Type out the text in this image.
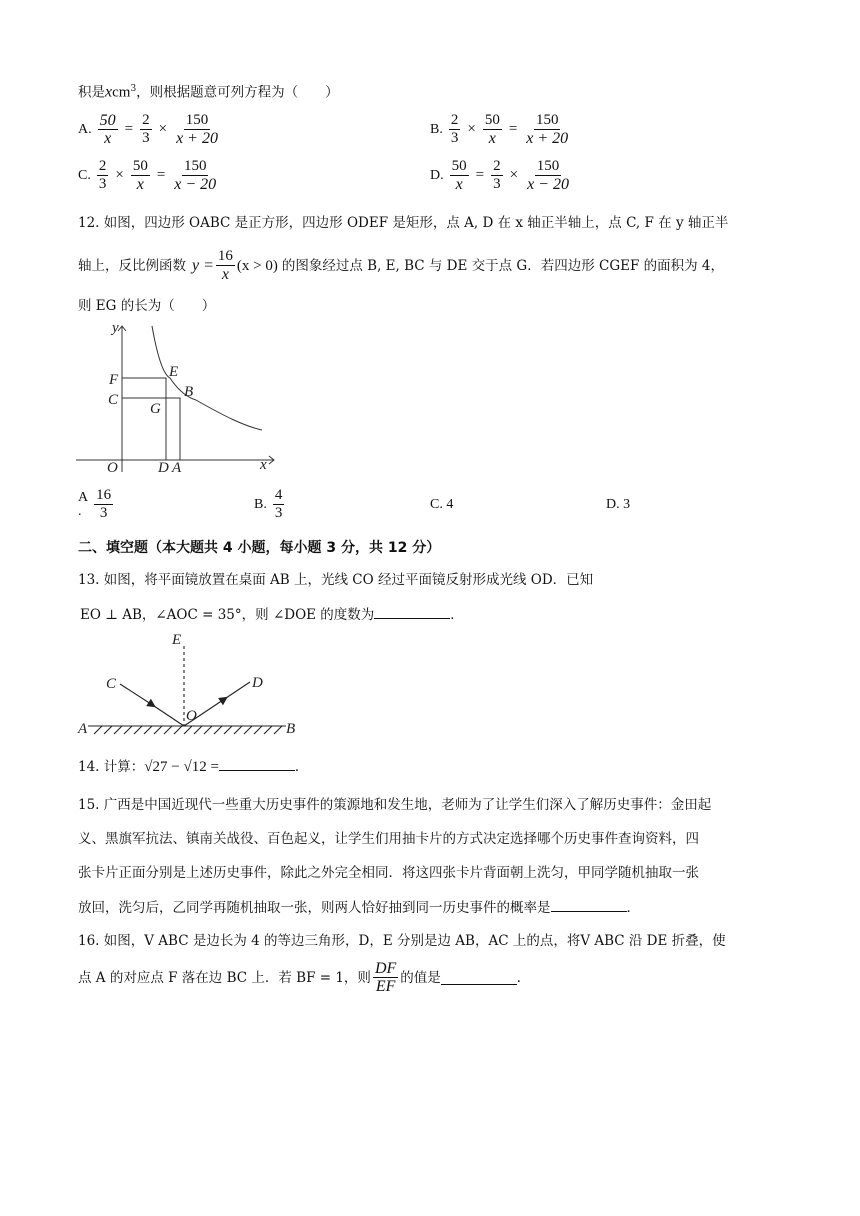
积是xcm$^3$，则根据题意可列方程为（　　）
A. $\frac{50}{x} = \frac{2}{3} \times \frac{150}{x + 20}$	B. $\frac{2}{3} \times \frac{50}{x} = \frac{150}{x + 20}$
C. $\frac{2}{3} \times \frac{50}{x} = \frac{150}{x - 20}$	D. $\frac{50}{x} = \frac{2}{3} \times \frac{150}{x - 20}$
12. 如图，四边形 OABC 是正方形，四边形 ODEF 是矩形，点 A, D 在 x 轴正半轴上，点 C, F 在 y 轴正半
轴上，反比例函数 $y = \frac{16}{x} (x > 0)$ 的图象经过点 B, E, BC 与 DE 交于点 G．若四边形 CGEF 的面积为 4，
则 EG 的长为（　　）
y
x
F
C
E
B
G
O	D A
A
. $\frac{16}{3}$	B. $\frac{4}{3}$	C. 4	D. 3
二、填空题（本大题共 4 小题，每小题 3 分，共 12 分）
13. 如图，将平面镜放置在桌面 AB 上，光线 CO 经过平面镜反射形成光线 OD．已知
EO ⊥ AB，∠AOC = 35°，则 ∠DOE 的度数为	．
E
C	D
O
A	B
14. 计算：√27 − √12 =	．
15. 广西是中国近现代一些重大历史事件的策源地和发生地，老师为了让学生们深入了解历史事件：金田起
义、黑旗军抗法、镇南关战役、百色起义，让学生们用抽卡片的方式决定选择哪个历史事件查询资料，四
张卡片正面分别是上述历史事件，除此之外完全相同．将这四张卡片背面朝上洗匀，甲同学随机抽取一张
放回，洗匀后，乙同学再随机抽取一张，则两人恰好抽到同一历史事件的概率是	．
16. 如图，V ABC 是边长为 4 的等边三角形，D，E 分别是边 AB，AC 上的点，将V ABC 沿 DE 折叠，使
点 A 的对应点 F 落在边 BC 上．若 BF = 1，则 $\frac{DF}{EF}$ 的值是	．
